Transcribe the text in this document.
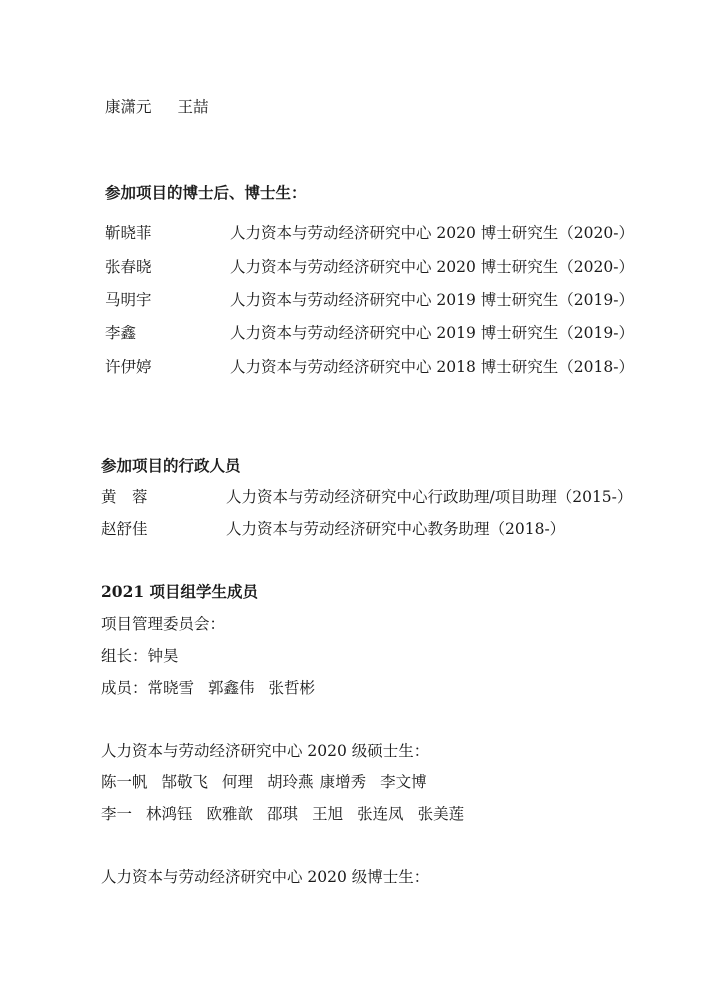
康潇元 王喆
参加项目的博士后、博士生：
靳晓菲	人力资本与劳动经济研究中心 2020 博士研究生（2020-）
张春晓	人力资本与劳动经济研究中心 2020 博士研究生（2020-）
马明宇	人力资本与劳动经济研究中心 2019 博士研究生（2019-）
李鑫	人力资本与劳动经济研究中心 2019 博士研究生（2019-）
许伊婷	人力资本与劳动经济研究中心 2018 博士研究生（2018-）
参加项目的行政人员
黄　蓉	人力资本与劳动经济研究中心行政助理/项目助理（2015-）
赵舒佳	人力资本与劳动经济研究中心教务助理（2018-）
2021 项目组学生成员
项目管理委员会：
组长：钟昊
成员：常晓雪 郭鑫伟 张哲彬
人力资本与劳动经济研究中心 2020 级硕士生：
陈一帆 郜敬飞 何理 胡玲燕 康增秀 李文博
李一 林鸿钰 欧雅歆 邵琪 王旭 张连凤 张美莲
人力资本与劳动经济研究中心 2020 级博士生：
